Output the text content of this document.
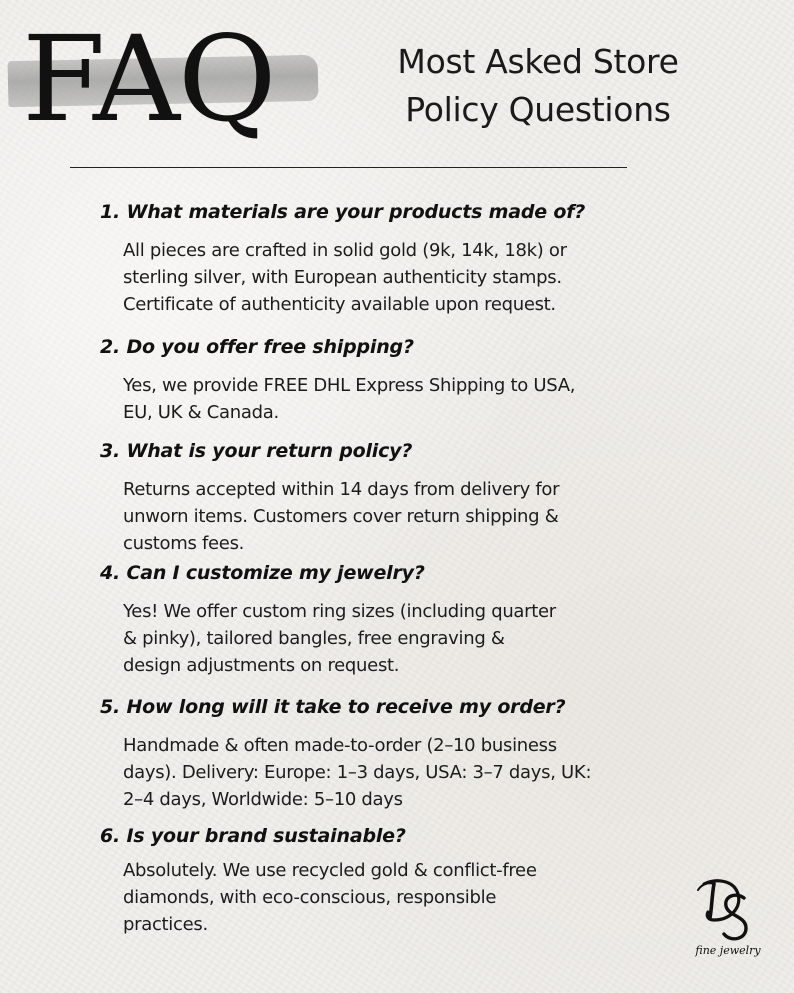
FAQ	Most Asked Store
Policy Questions
1. What materials are your products made of?

All pieces are crafted in solid gold (9k, 14k, 18k) or
sterling silver, with European authenticity stamps.
Certificate of authenticity available upon request.

2. Do you offer free shipping?

Yes, we provide FREE DHL Express Shipping to USA,
EU, UK & Canada.

3. What is your return policy?

Returns accepted within 14 days from delivery for
unworn items. Customers cover return shipping &
customs fees.

4. Can I customize my jewelry?

Yes! We offer custom ring sizes (including quarter
& pinky), tailored bangles, free engraving &
design adjustments on request.

5. How long will it take to receive my order?

Handmade & often made-to-order (2–10 business
days). Delivery: Europe: 1–3 days, USA: 3–7 days, UK:
2–4 days, Worldwide: 5–10 days

6. Is your brand sustainable?

Absolutely. We use recycled gold & conflict-free
diamonds, with eco-conscious, responsible
practices.

fine jewelry
